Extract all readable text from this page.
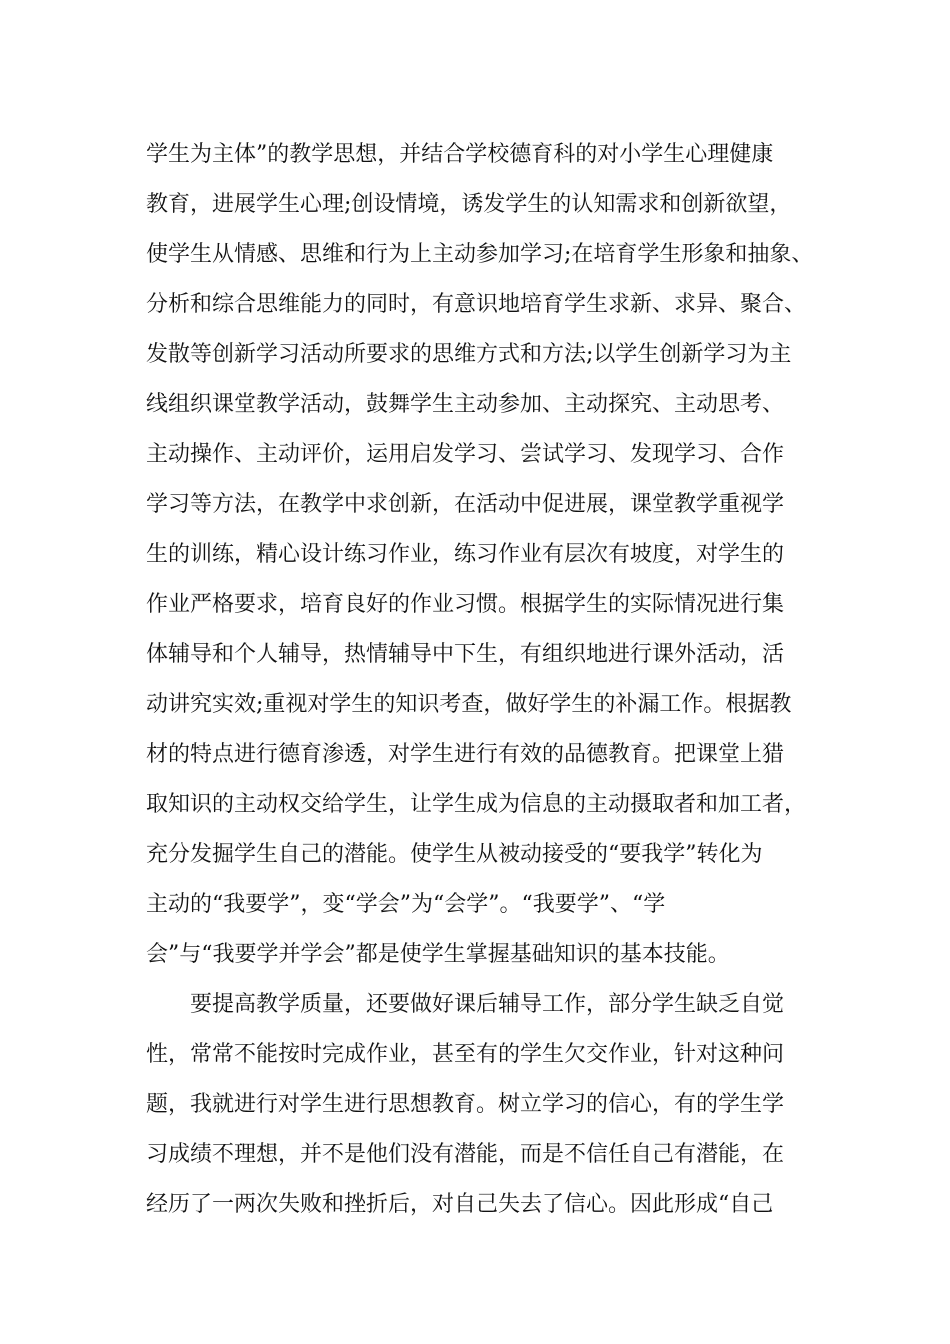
学生为主体”的教学思想，并结合学校德育科的对小学生心理健康
教育，进展学生心理;创设情境，诱发学生的认知需求和创新欲望，
使学生从情感、思维和行为上主动参加学习;在培育学生形象和抽象、
分析和综合思维能力的同时，有意识地培育学生求新、求异、聚合、
发散等创新学习活动所要求的思维方式和方法;以学生创新学习为主
线组织课堂教学活动，鼓舞学生主动参加、主动探究、主动思考、
主动操作、主动评价，运用启发学习、尝试学习、发现学习、合作
学习等方法，在教学中求创新，在活动中促进展，课堂教学重视学
生的训练，精心设计练习作业，练习作业有层次有坡度，对学生的
作业严格要求，培育良好的作业习惯。根据学生的实际情况进行集
体辅导和个人辅导，热情辅导中下生，有组织地进行课外活动，活
动讲究实效;重视对学生的知识考查，做好学生的补漏工作。根据教
材的特点进行德育渗透，对学生进行有效的品德教育。把课堂上猎
取知识的主动权交给学生，让学生成为信息的主动摄取者和加工者，
充分发掘学生自己的潜能。使学生从被动接受的“要我学”转化为
主动的“我要学”，变“学会”为“会学”。“我要学”、“学
会”与“我要学并学会”都是使学生掌握基础知识的基本技能。
要提高教学质量，还要做好课后辅导工作，部分学生缺乏自觉
性，常常不能按时完成作业，甚至有的学生欠交作业，针对这种问
题，我就进行对学生进行思想教育。树立学习的信心，有的学生学
习成绩不理想，并不是他们没有潜能，而是不信任自己有潜能，在
经历了一两次失败和挫折后，对自己失去了信心。因此形成“自己
